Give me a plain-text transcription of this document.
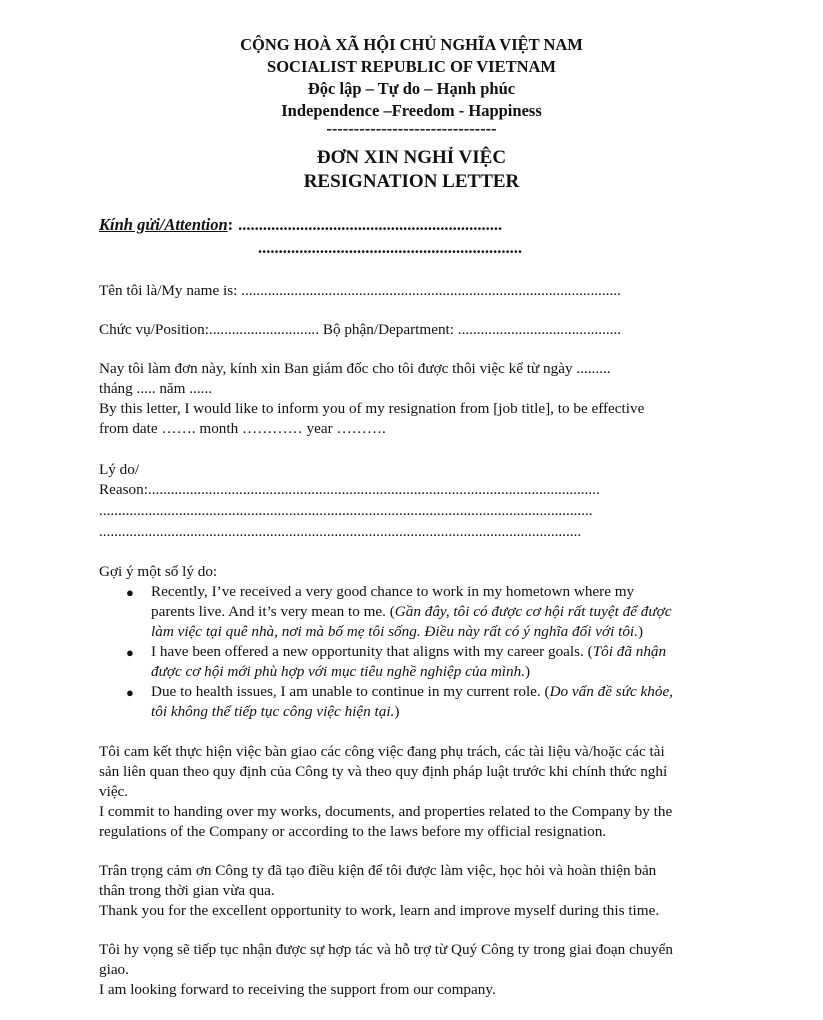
CỘNG HOÀ XÃ HỘI CHỦ NGHĨA VIỆT NAM
SOCIALIST REPUBLIC OF VIETNAM
Độc lập – Tự do – Hạnh phúc
Independence –Freedom - Happiness
-------------------------------
ĐƠN XIN NGHỈ VIỆC
RESIGNATION LETTER
Kính gửi/Attention: ................................................................
................................................................
Tên tôi là/My name is: ....................................................................................................
Chức vụ/Position:............................. Bộ phận/Department: ...........................................
Nay tôi làm đơn này, kính xin Ban giám đốc cho tôi được thôi việc kể từ ngày .........
tháng ..... năm ......
By this letter, I would like to inform you of my resignation from [job title], to be effective
from date ……. month ………… year ……….
Lý do/
Reason:.......................................................................................................................
..................................................................................................................................
...............................................................................................................................
Gợi ý một số lý do:
● Recently, I’ve received a very good chance to work in my hometown where my
parents live. And it’s very mean to me. (Gần đây, tôi có được cơ hội rất tuyệt để được
làm việc tại quê nhà, nơi mà bố mẹ tôi sống. Điều này rất có ý nghĩa đối với tôi.)
● I have been offered a new opportunity that aligns with my career goals. (Tôi đã nhận
được cơ hội mới phù hợp với mục tiêu nghề nghiệp của mình.)
● Due to health issues, I am unable to continue in my current role. (Do vấn đề sức khỏe,
tôi không thể tiếp tục công việc hiện tại.)
Tôi cam kết thực hiện việc bàn giao các công việc đang phụ trách, các tài liệu và/hoặc các tài
sản liên quan theo quy định của Công ty và theo quy định pháp luật trước khi chính thức nghỉ
việc.
I commit to handing over my works, documents, and properties related to the Company by the
regulations of the Company or according to the laws before my official resignation.
Trân trọng cảm ơn Công ty đã tạo điều kiện để tôi được làm việc, học hỏi và hoàn thiện bản
thân trong thời gian vừa qua.
Thank you for the excellent opportunity to work, learn and improve myself during this time.
Tôi hy vọng sẽ tiếp tục nhận được sự hợp tác và hỗ trợ từ Quý Công ty trong giai đoạn chuyển
giao.
I am looking forward to receiving the support from our company.
